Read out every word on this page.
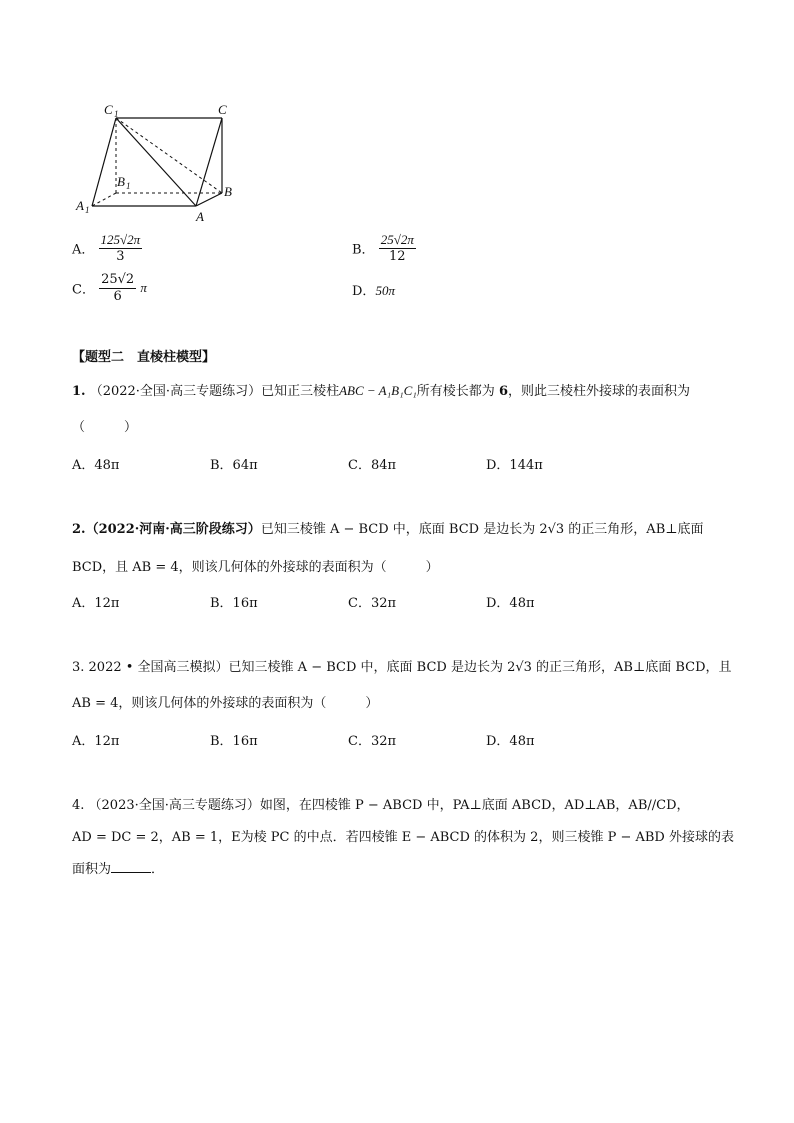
C 1	C
B 1
A 1	A
B
A． $\frac{125√2\pi}{3}$	B． $\frac{25√2\pi}{12}$
C． $\frac{25√2}{6}$ π	D．50π
【题型二　直棱柱模型】
1. （2022·全国·高三专题练习）已知正三棱柱ABC − A₁B₁C₁所有棱长都为 6，则此三棱柱外接球的表面积为
（　　　）
A．48π	B．64π	C．84π	D．144π
2.（2022·河南·高三阶段练习）已知三棱锥 A − BCD 中，底面 BCD 是边长为 2√3 的正三角形，AB⊥底面
BCD，且 AB = 4，则该几何体的外接球的表面积为（　　　）
A．12π	B．16π	C．32π	D．48π
3. 2022 • 全国高三模拟）已知三棱锥 A − BCD 中，底面 BCD 是边长为 2√3 的正三角形，AB⊥底面 BCD，且
AB = 4，则该几何体的外接球的表面积为（　　　）
A．12π	B．16π	C．32π	D．48π
4. （2023·全国·高三专题练习）如图，在四棱锥 P − ABCD 中，PA⊥底面 ABCD，AD⊥AB，AB//CD，
AD = DC = 2，AB = 1，E为棱 PC 的中点．若四棱锥 E − ABCD 的体积为 2，则三棱锥 P − ABD 外接球的表
面积为	．
